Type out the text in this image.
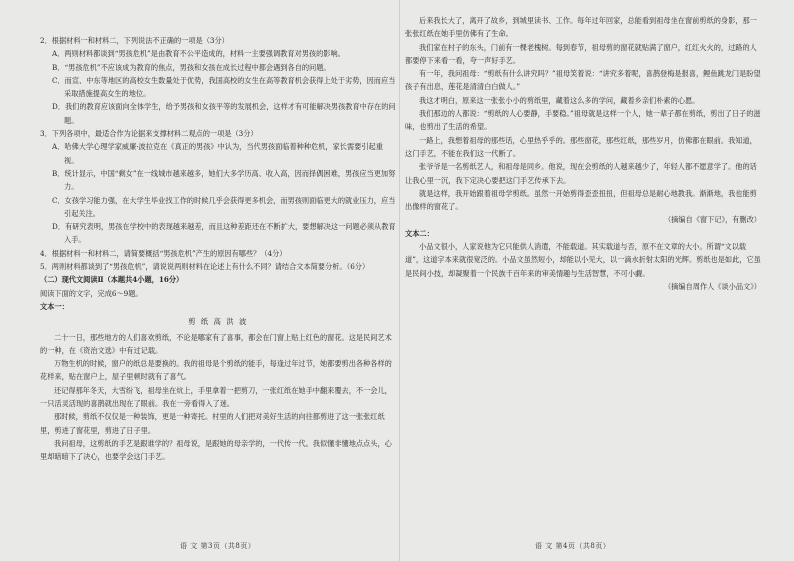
2．根据材料一和材料二，下列说法不正确的一项是（3分）

A．两则材料都谈到“男孩危机”是由教育不公平造成的，材料一主要强调教育对男孩的影响。

B．“男孩危机”不应该成为教育的焦点，男孩和女孩在成长过程中都会遇到各自的问题。

C．而宣、中东等地区的高校女生数量处于优势，我国高校的女生在高等教育机会获得上处于劣势，因而应当采取措施提高女生的地位。

D．我们的教育应该面向全体学生，给予男孩和女孩平等的发展机会，这样才有可能解决男孩教育中存在的问题。

3．下列各项中，最适合作为论据来支撑材料二观点的一项是（3分）

A．哈佛大学心理学家威廉·波拉克在《真正的男孩》中认为，当代男孩面临着种种危机，家长需要引起重视。

B．统计显示，中国“剩女”在一线城市越来越多，她们大多学历高、收入高，因而择偶困难，男孩应当更加努力。

C．女孩学习能力强，在大学生毕业找工作的时候几乎会获得更多机会，而男孩则面临更大的就业压力，应当引起关注。

D．有研究表明，男孩在学校中的表现越来越差，而且这种差距还在不断扩大，要想解决这一问题必须从教育入手。

4．根据材料一和材料二，请简要概括“男孩危机”产生的原因有哪些？（4分）

5．两则材料都谈到了“男孩危机”，请说说两则材料在论述上有什么不同？请结合文本简要分析。（6分）

（二）现代文阅读Ⅱ（本题共4小题，16分）

阅读下面的文字，完成6～9题。

文本一：

剪 纸 高 洪 波

二十一日，那些地方的人们喜欢剪纸，不论是哪家有了喜事，都会在门窗上贴上红色的窗花。这是民间艺术的一种，在《资治文选》中有过记载。

万物生机的时候，窗户的纸总是要换的。我的祖母是个剪纸的能手，每逢过年过节，她都要剪出各种各样的花样来，贴在窗户上，屋子里顿时就有了喜气。

还记得那年冬天，大雪纷飞，祖母坐在炕上，手里拿着一把剪刀，一张红纸在她手中翻来覆去，不一会儿，一只活灵活现的喜鹊就出现在了眼前。我在一旁看得入了迷。

那时候，剪纸不仅仅是一种装饰，更是一种寄托。村里的人们把对美好生活的向往都剪进了这一张张红纸里，剪进了窗花里，剪进了日子里。

我问祖母，这剪纸的手艺是跟谁学的？祖母说，是跟她的母亲学的，一代传一代。我似懂非懂地点点头，心里却暗暗下了决心，也要学会这门手艺。

语 文 第3页（共8页）

后来我长大了，离开了故乡，到城里读书、工作。每年过年回家，总能看到祖母坐在窗前剪纸的身影，那一张张红纸在她手里仿佛有了生命。

我们家在村子的东头，门前有一棵老槐树。每到春节，祖母剪的窗花就贴满了窗户，红红火火的，过路的人都要停下来看一看，夸一声好手艺。

有一年，我问祖母：“剪纸有什么讲究吗？”祖母笑着说：“讲究多着呢，喜鹊登梅是报喜，鲤鱼跳龙门是盼望孩子有出息，莲花是清清白白做人。”

我这才明白，原来这一张张小小的剪纸里，藏着这么多的学问，藏着乡亲们朴素的心愿。

我们那边的人都说：“剪纸的人心要静，手要稳。”祖母就是这样一个人，她一辈子都在剪纸，剪出了日子的滋味，也剪出了生活的希望。

一路上，我想着祖母的那些话，心里热乎乎的。那些窗花，那些红纸，那些岁月，仿佛都在眼前。我知道，这门手艺，不能在我们这一代断了。

张爷爷是一名剪纸艺人，和祖母是同乡。他说，现在会剪纸的人越来越少了，年轻人都不愿意学了。他的话让我心里一沉，我下定决心要把这门手艺传承下去。

就是这样，我开始跟着祖母学剪纸。虽然一开始剪得歪歪扭扭，但祖母总是耐心地教我。渐渐地，我也能剪出像样的窗花了。

（摘编自《窗下记》，有删改）

文本二：

小品文很小，人家说他为它只能供人消遣，不能载道。其实载道与否，原不在文章的大小。所谓“文以载道”，这道字本来就很宽泛的。小品文虽然短小，却能以小见大，以一滴水折射太阳的光辉。剪纸也是如此，它虽是民间小技，却凝聚着一个民族千百年来的审美情趣与生活智慧，不可小觑。

（摘编自周作人《谈小品文》）

语 文 第4页（共8页）
